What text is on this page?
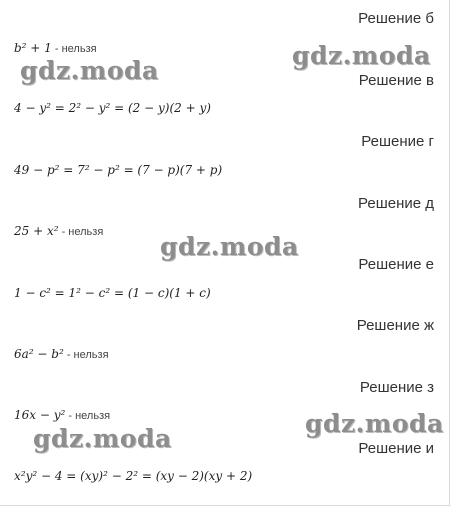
Решение б
b² + 1 - нельзя
Решение в
4 − y² = 2² − y² = (2 − y)(2 + y)
Решение г
49 − p² = 7² − p² = (7 − p)(7 + p)
Решение д
25 + x² - нельзя
Решение е
1 − c² = 1² − c² = (1 − c)(1 + c)
Решение ж
6a² − b² - нельзя
Решение з
16x − y² - нельзя
Решение и
x²y² − 4 = (xy)² − 2² = (xy − 2)(xy + 2)
gdz.moda
gdz.moda
gdz.moda
gdz.moda
gdz.moda
